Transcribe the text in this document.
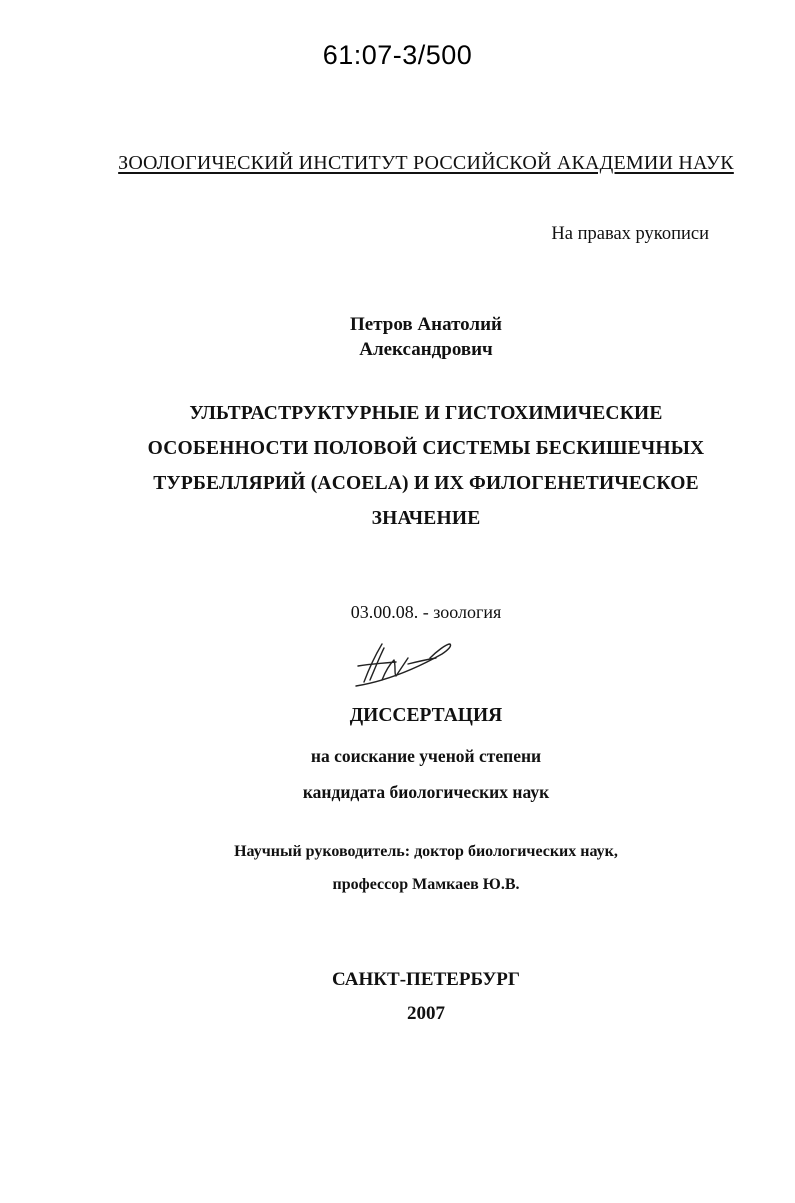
61:07-3/500
ЗООЛОГИЧЕСКИЙ ИНСТИТУТ РОССИЙСКОЙ АКАДЕМИИ НАУК
На правах рукописи
Петров Анатолий
Александрович
УЛЬТРАСТРУКТУРНЫЕ И ГИСТОХИМИЧЕСКИЕ
ОСОБЕННОСТИ ПОЛОВОЙ СИСТЕМЫ БЕСКИШЕЧНЫХ
ТУРБЕЛЛЯРИЙ (ACOELA) И ИХ ФИЛОГЕНЕТИЧЕСКОЕ
ЗНАЧЕНИЕ
03.00.08. - зоология
ДИССЕРТАЦИЯ
на соискание ученой степени
кандидата биологических наук
Научный руководитель: доктор биологических наук,
профессор Мамкаев Ю.В.
САНКТ-ПЕТЕРБУРГ
2007
